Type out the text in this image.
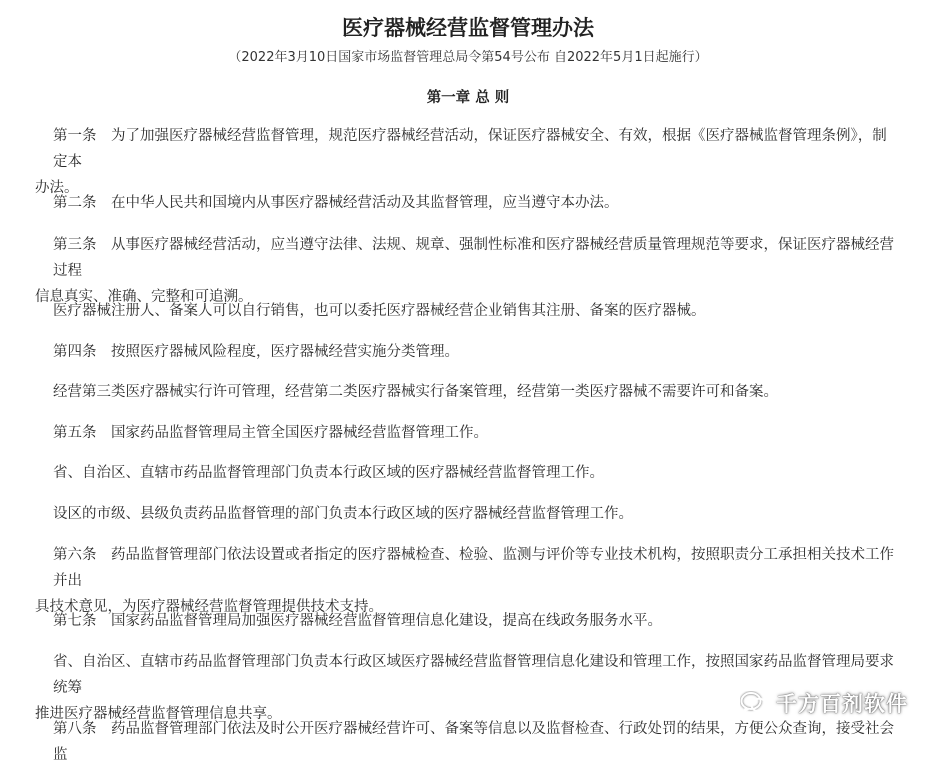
医疗器械经营监督管理办法
（2022年3月10日国家市场监督管理总局令第54号公布 自2022年5月1日起施行）
第一章 总 则
第一条　为了加强医疗器械经营监督管理，规范医疗器械经营活动，保证医疗器械安全、有效，根据《医疗器械监督管理条例》，制定本
办法。
第二条　在中华人民共和国境内从事医疗器械经营活动及其监督管理，应当遵守本办法。
第三条　从事医疗器械经营活动，应当遵守法律、法规、规章、强制性标准和医疗器械经营质量管理规范等要求，保证医疗器械经营过程
信息真实、准确、完整和可追溯。
医疗器械注册人、备案人可以自行销售，也可以委托医疗器械经营企业销售其注册、备案的医疗器械。
第四条　按照医疗器械风险程度，医疗器械经营实施分类管理。
经营第三类医疗器械实行许可管理，经营第二类医疗器械实行备案管理，经营第一类医疗器械不需要许可和备案。
第五条　国家药品监督管理局主管全国医疗器械经营监督管理工作。
省、自治区、直辖市药品监督管理部门负责本行政区域的医疗器械经营监督管理工作。
设区的市级、县级负责药品监督管理的部门负责本行政区域的医疗器械经营监督管理工作。
第六条　药品监督管理部门依法设置或者指定的医疗器械检查、检验、监测与评价等专业技术机构，按照职责分工承担相关技术工作并出
具技术意见，为医疗器械经营监督管理提供技术支持。
第七条　国家药品监督管理局加强医疗器械经营监督管理信息化建设，提高在线政务服务水平。
省、自治区、直辖市药品监督管理部门负责本行政区域医疗器械经营监督管理信息化建设和管理工作，按照国家药品监督管理局要求统筹
推进医疗器械经营监督管理信息共享。
第八条　药品监督管理部门依法及时公开医疗器械经营许可、备案等信息以及监督检查、行政处罚的结果，方便公众查询，接受社会监
千方百剂软件
